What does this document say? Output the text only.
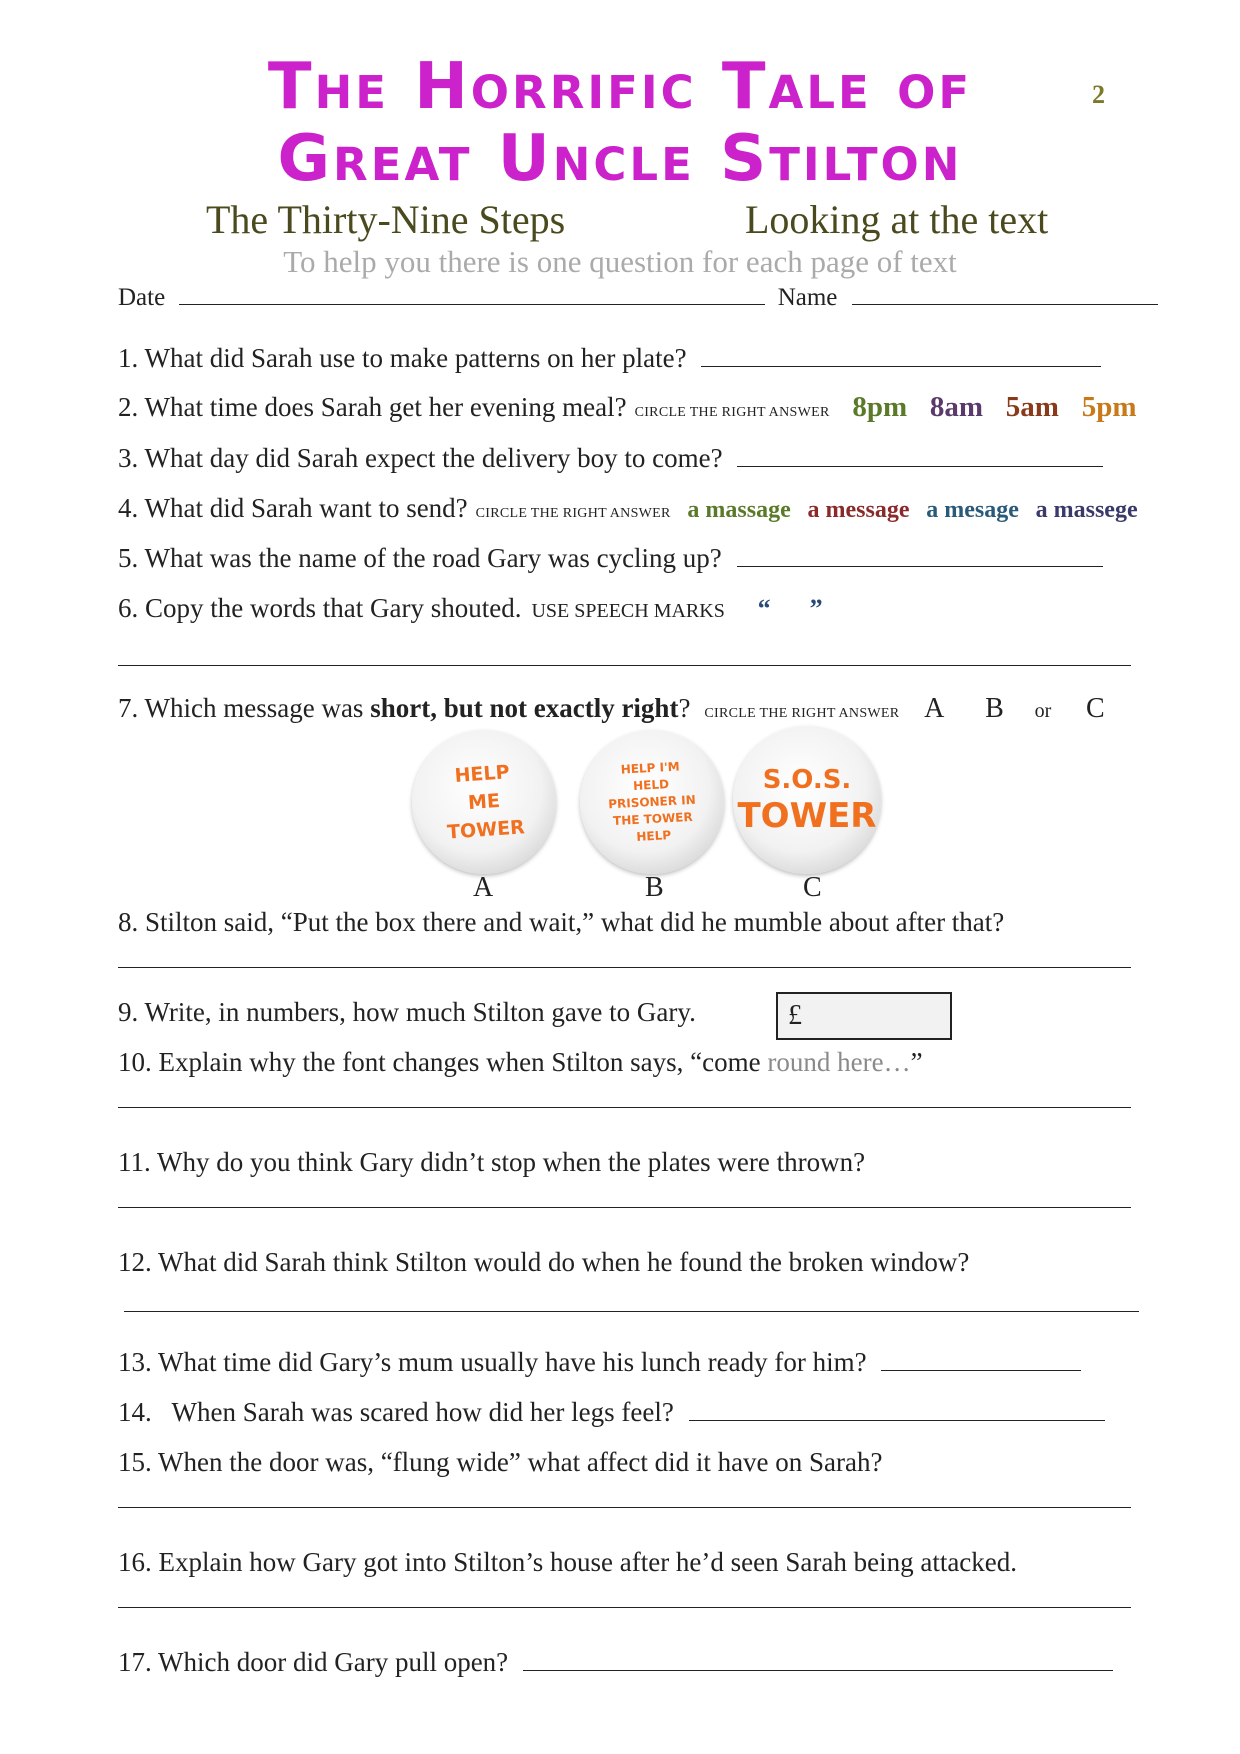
The Horrific Tale of
Great Uncle Stilton
2
The Thirty-Nine Steps	Looking at the text
To help you there is one question for each page of text
Date	Name
1. What did Sarah use to make patterns on her plate?
2. What time does Sarah get her evening meal? CIRCLE THE RIGHT ANSWER 8pm 8am 5am 5pm
3. What day did Sarah expect the delivery boy to come?
4. What did Sarah want to send? CIRCLE THE RIGHT ANSWER a massage a message a mesage a massege
5. What was the name of the road Gary was cycling up?
6. Copy the words that Gary shouted. USE SPEECH MARKS “      ”
7. Which message was short, but not exactly right? CIRCLE THE RIGHT ANSWER A B or C
HELP ME TOWER
HELP I'M HELD PRISONER IN THE TOWER HELP
S.O.S.
TOWER
A	B	C
8. Stilton said, “Put the box there and wait,” what did he mumble about after that?
9. Write, in numbers, how much Stilton gave to Gary.	£
10. Explain why the font changes when Stilton says, “come round here…”
11. Why do you think Gary didn’t stop when the plates were thrown?
12. What did Sarah think Stilton would do when he found the broken window?
13. What time did Gary’s mum usually have his lunch ready for him?
14.   When Sarah was scared how did her legs feel?
15. When the door was, “flung wide” what affect did it have on Sarah?
16. Explain how Gary got into Stilton’s house after he’d seen Sarah being attacked.
17. Which door did Gary pull open?
